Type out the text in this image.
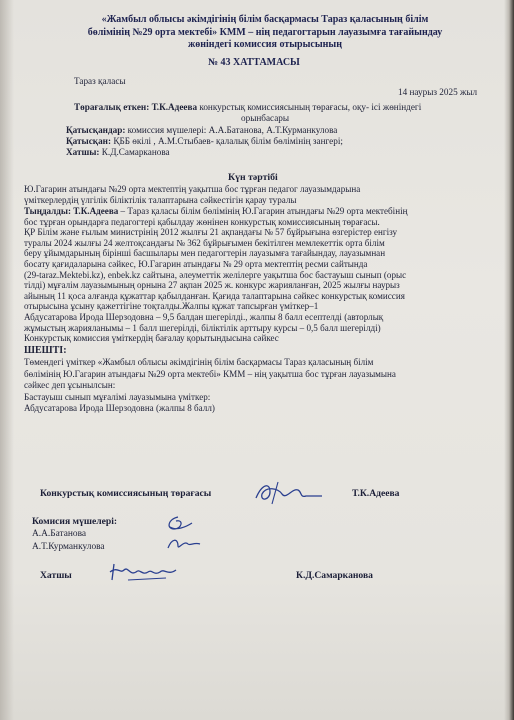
«Жамбыл облысы әкімдігінің білім басқармасы Тараз қаласының білім
бөлімінің №29 орта мектебі» КММ – нің педагогтарын лауазымға тағайындау
жөніндегі комиссия отырысының
№ 43 ХАТТАМАСЫ
Тараз қаласы
14 наурыз 2025 жыл
Төрағалық еткен: Т.К.Адеева конкурстық комиссиясының төрағасы, оқу- ісі жөніндегі
орынбасары
Қатысқандар: комиссия мүшелері: А.А.Батанова, А.Т.Курманкулова
Қатысқан: ҚББ өкілі , А.М.Стыбаев- қалалық білім бөлімінің зангері;
Хатшы: К.Д.Самарканова
Күн тәртібі
Ю.Гагарин атындағы №29 орта мектептің уақытша бос тұрған педагог лауазымдарына
үміткерлердің үлгілік біліктілік талаптарына сәйкестігін қарау туралы
Тыңдалды: Т.К.Адеева – Тараз қаласы білім бөлімінің Ю.Гагарин атындағы №29 орта мектебінің
бос тұрған орындарға педагогтері қабылдау жөнінен конкурстық комиссиясының төрағасы.
ҚР Білім және ғылым министрінің 2012 жылғы 21 ақпандағы № 57 бұйрығына өзгерістер енгізу
туралы 2024 жылғы 24 желтоқсандағы № 362 бұйрығымен бекітілген мемлекеттік орта білім
беру ұйымдарының бірінші басшылары мен педагогтерін лауазымға тағайындау, лауазымнан
босату қағидаларына сәйкес, Ю.Гагарин атындағы № 29 орта мектептің ресми сайтында
(29-taraz.Mektebi.kz), enbek.kz сайтына, әлеуметтік желілерге уақытша бос бастауыш сынып (орыс
тілді) мұғалім лауазымының орнына 27 ақпан 2025 ж. конкурс жарияланған, 2025 жылғы наурыз
айының 11 қоса алғанда құжаттар қабылданған. Қағида талаптарына сәйкес конкурстық комиссия
отырысына ұсыну қажеттігіне тоқталды.Жалпы құжат тапсырған үміткер–1
Абдусатарова Ирода Шерзодовна – 9,5 балдан шегерілді., жалпы 8 балл есептелді (авторлық
жұмыстың жарияланымы – 1 балл шегерілді, біліктілік арттыру курсы – 0,5 балл шегерілді)
Конкурстық комиссия үміткердің бағалау қорытындысына сәйкес
ШЕШТІ:
Төмендегі үміткер «Жамбыл облысы әкімдігінің білім басқармасы Тараз қаласының білім
бөлімінің Ю.Гагарин атындағы №29 орта мектебі» КММ – нің уақытша бос тұрған лауазымына
сәйкес деп ұсынылсын:
Бастауыш сынып мұғалімі лауазымына үміткер:
Абдусатарова Ирода Шерзодовна (жалпы 8 балл)
Конкурстық комиссиясының төрағасы	Т.К.Адеева
Комисия мүшелері:
А.А.Батанова
А.Т.Курманкулова
Хатшы	К.Д.Самарканова
